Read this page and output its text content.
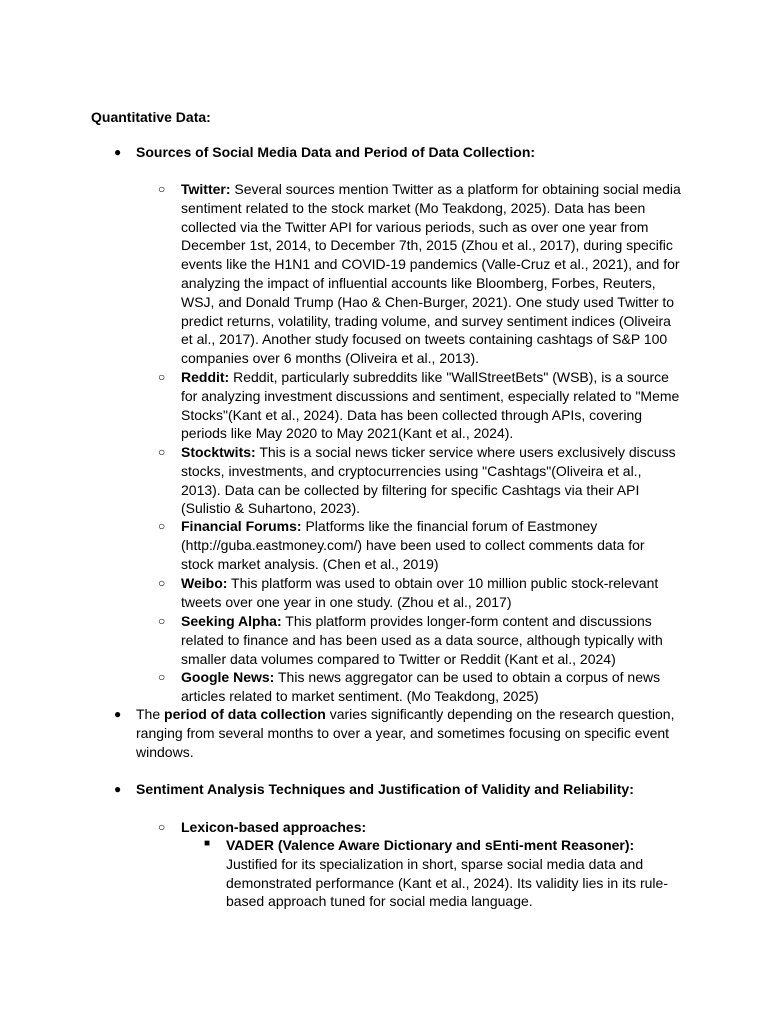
Quantitative Data:
● Sources of Social Media Data and Period of Data Collection:
○ Twitter: Several sources mention Twitter as a platform for obtaining social media sentiment related to the stock market (Mo Teakdong, 2025). Data has been collected via the Twitter API for various periods, such as over one year from December 1st, 2014, to December 7th, 2015 (Zhou et al., 2017), during specific events like the H1N1 and COVID-19 pandemics (Valle-Cruz et al., 2021), and for analyzing the impact of influential accounts like Bloomberg, Forbes, Reuters, WSJ, and Donald Trump (Hao & Chen-Burger, 2021). One study used Twitter to predict returns, volatility, trading volume, and survey sentiment indices (Oliveira et al., 2017). Another study focused on tweets containing cashtags of S&P 100 companies over 6 months (Oliveira et al., 2013).
○ Reddit: Reddit, particularly subreddits like "WallStreetBets" (WSB), is a source for analyzing investment discussions and sentiment, especially related to "Meme Stocks"(Kant et al., 2024). Data has been collected through APIs, covering periods like May 2020 to May 2021(Kant et al., 2024).
○ Stocktwits: This is a social news ticker service where users exclusively discuss stocks, investments, and cryptocurrencies using "Cashtags"(Oliveira et al., 2013). Data can be collected by filtering for specific Cashtags via their API (Sulistio & Suhartono, 2023).
○ Financial Forums: Platforms like the financial forum of Eastmoney (http://guba.eastmoney.com/) have been used to collect comments data for stock market analysis. (Chen et al., 2019)
○ Weibo: This platform was used to obtain over 10 million public stock-relevant tweets over one year in one study. (Zhou et al., 2017)
○ Seeking Alpha: This platform provides longer-form content and discussions related to finance and has been used as a data source, although typically with smaller data volumes compared to Twitter or Reddit (Kant et al., 2024)
○ Google News: This news aggregator can be used to obtain a corpus of news articles related to market sentiment. (Mo Teakdong, 2025)
● The period of data collection varies significantly depending on the research question, ranging from several months to over a year, and sometimes focusing on specific event windows.
● Sentiment Analysis Techniques and Justification of Validity and Reliability:
○ Lexicon-based approaches:
■ VADER (Valence Aware Dictionary and sEnti-ment Reasoner):
Justified for its specialization in short, sparse social media data and demonstrated performance (Kant et al., 2024). Its validity lies in its rule-based approach tuned for social media language.
